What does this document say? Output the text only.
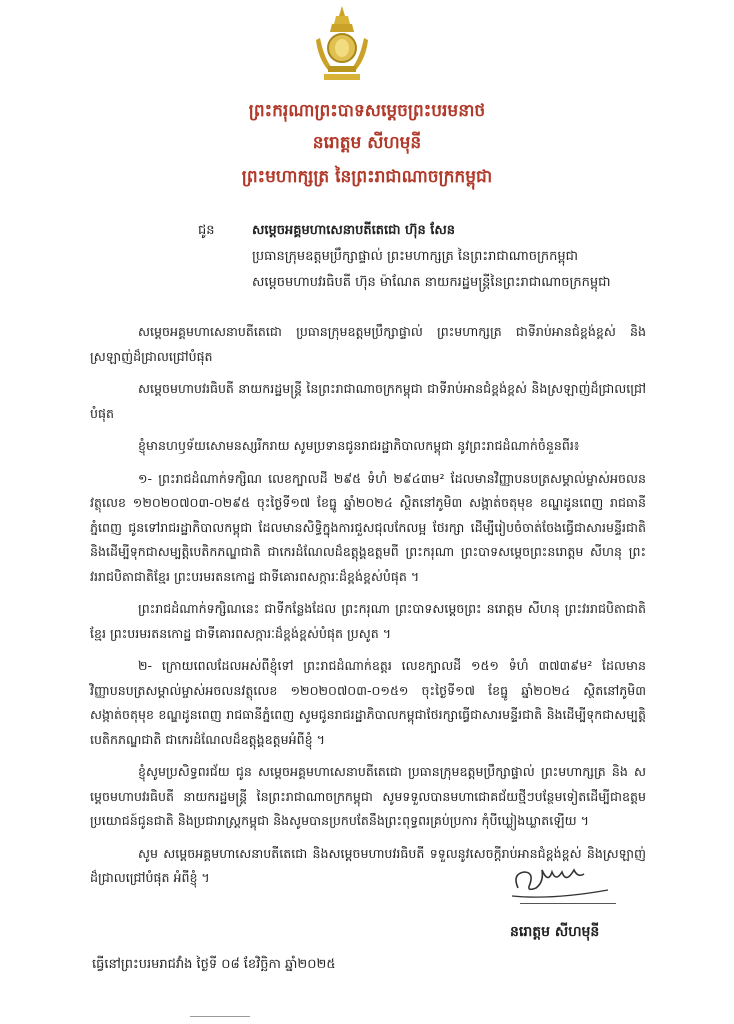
ព្រះករុណាព្រះបាទសម្តេចព្រះបរមនាថ
នរោត្តម សីហមុនី
ព្រះមហាក្សត្រ នៃព្រះរាជាណាចក្រកម្ពុជា
ជូន	សម្តេចអគ្គមហាសេនាបតីតេជោ ហ៊ុន សែន
ប្រធានក្រុមឧត្តមប្រឹក្សាផ្ទាល់ ព្រះមហាក្សត្រ នៃព្រះរាជាណាចក្រកម្ពុជា
សម្តេចមហាបវរធិបតី ហ៊ុន ម៉ាណែត នាយករដ្ឋមន្ត្រីនៃព្រះរាជាណាចក្រកម្ពុជា

សម្តេចអគ្គមហាសេនាបតីតេជោ ប្រធានក្រុមឧត្តមប្រឹក្សាផ្ទាល់ ព្រះមហាក្សត្រ ជាទីរាប់អានជំខ្ពង់ខ្ពស់ និងស្រឡាញ់ដ៏ជ្រាលជ្រៅបំផុត

សម្តេចមហាបវរធិបតី នាយករដ្ឋមន្ត្រី នៃព្រះរាជាណាចក្រកម្ពុជា ជាទីរាប់អានជំខ្ពង់ខ្ពស់ និងស្រឡាញ់ដ៏ជ្រាលជ្រៅបំផុត

ខ្ញុំមានហឫទ័យសោមនស្សរីករាយ សូមប្រទានជូនរាជរដ្ឋាភិបាលកម្ពុជា នូវព្រះរាជដំណាក់ចំនួនពីរ៖

១- ព្រះរាជដំណាក់ទក្សិណ លេខក្បាលដី ២៩៥ ទំហំ ២៩៤៣ម² ដែលមានវិញ្ញាបនបត្រសម្គាល់ម្ចាស់អចលនវត្ថុលេខ ១២០២០៧០៣-០២៩៥ ចុះថ្ងៃទី១៧ ខែធ្នូ ឆ្នាំ២០២៤ ស្ថិតនៅភូមិ៣ សង្កាត់ចតុមុខ ខណ្ឌដូនពេញ រាជធានីភ្នំពេញ ជូនទៅរាជរដ្ឋាភិបាលកម្ពុជា ដែលមានសិទ្ធិក្នុងការជួសជុលកែលម្អ ថែរក្សា ដើម្បីរៀបចំចាត់ចែងធ្វើជាសារមន្ទីរជាតិ និងដើម្បីទុកជាសម្បត្តិបេតិកភណ្ឌជាតិ ជាកេរដំណែលដ៏ឧត្តុង្គឧត្តមពី ព្រះករុណា ព្រះបាទសម្តេចព្រះនរោត្តម សីហនុ ព្រះវររាជបិតាជាតិខ្មែរ ព្រះបរមរតនកោដ្ឋ ជាទីគោរពសក្ការៈដ៏ខ្ពង់ខ្ពស់បំផុត ។

ព្រះរាជដំណាក់ទក្សិណនេះ ជាទីកន្លែងដែល ព្រះករុណា ព្រះបាទសម្តេចព្រះ នរោត្តម សីហនុ ព្រះវររាជបិតាជាតិខ្មែរ ព្រះបរមរតនកោដ្ឋ ជាទីគោរពសក្ការៈដ៏ខ្ពង់ខ្ពស់បំផុត ប្រសូត ។

២- ក្រោយពេលដែលអស់ពីខ្ញុំទៅ ព្រះរាជដំណាក់ឧត្តរ លេខក្បាលដី ១៥១ ទំហំ ៣៧៣៩ម² ដែលមានវិញ្ញាបនបត្រសម្គាល់ម្ចាស់អចលនវត្ថុលេខ ១២០២០៧០៣-០១៥១ ចុះថ្ងៃទី១៧ ខែធ្នូ ឆ្នាំ២០២៤ ស្ថិតនៅភូមិ៣ សង្កាត់ចតុមុខ ខណ្ឌដូនពេញ រាជធានីភ្នំពេញ សូមជូនរាជរដ្ឋាភិបាលកម្ពុជាថែរក្សាធ្វើជាសារមន្ទីរជាតិ និងដើម្បីទុកជាសម្បត្តិបេតិកភណ្ឌជាតិ ជាកេរដំណែលដ៏ឧត្តុង្គឧត្តមអំពីខ្ញុំ ។

ខ្ញុំសូមប្រសិទ្ធពរជ័យ ជូន សម្តេចអគ្គមហាសេនាបតីតេជោ ប្រធានក្រុមឧត្តមប្រឹក្សាផ្ទាល់ ព្រះមហាក្សត្រ និង សម្តេចមហាបវរធិបតី នាយករដ្ឋមន្ត្រី នៃព្រះរាជាណាចក្រកម្ពុជា សូមទទួលបានមហាជោគជ័យថ្មីៗបន្ថែមទៀតដើម្បីជាឧត្តមប្រយោជន៍ជូនជាតិ និងប្រជារាស្ត្រកម្ពុជា និងសូមបានប្រកបតែនឹងព្រះពុទ្ធពរគ្រប់ប្រការ កុំបីឃ្លៀងឃ្លាតឡើយ ។

សូម សម្តេចអគ្គមហាសេនាបតីតេជោ និងសម្តេចមហាបវរធិបតី ទទួលនូវសេចក្តីរាប់អានជំខ្ពង់ខ្ពស់ និងស្រឡាញ់ដ៏ជ្រាលជ្រៅបំផុត អំពីខ្ញុំ ។

នរោត្តម សីហមុនី
ធ្វើនៅព្រះបរមរាជវាំង ថ្ងៃទី ០៨ ខែវិច្ឆិកា ឆ្នាំ២០២៥
